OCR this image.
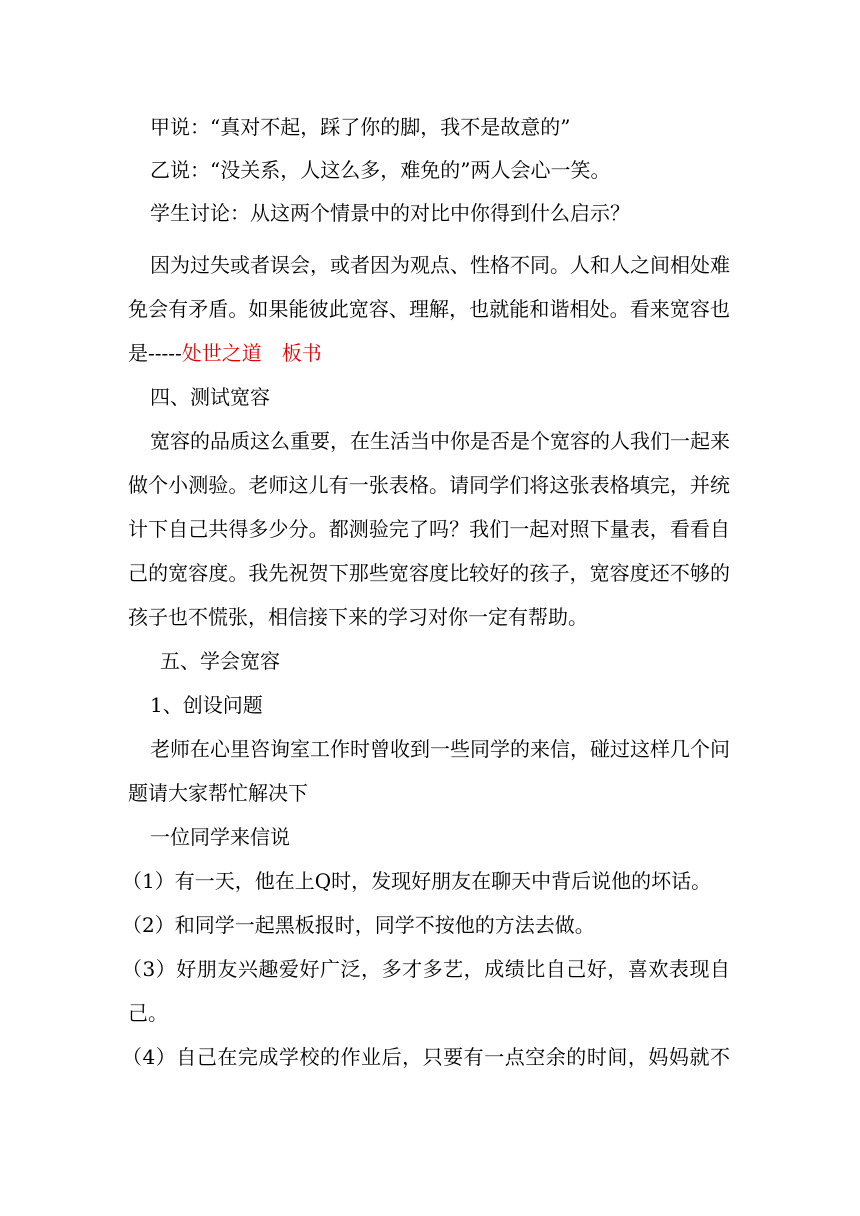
甲说：“真对不起，踩了你的脚，我不是故意的”
乙说：“没关系，人这么多，难免的”两人会心一笑。
学生讨论：从这两个情景中的对比中你得到什么启示？
因为过失或者误会，或者因为观点、性格不同。人和人之间相处难
免会有矛盾。如果能彼此宽容、理解，也就能和谐相处。看来宽容也
是-----处世之道　板书
四、测试宽容
宽容的品质这么重要，在生活当中你是否是个宽容的人我们一起来
做个小测验。老师这儿有一张表格。请同学们将这张表格填完，并统
计下自己共得多少分。都测验完了吗？我们一起对照下量表，看看自
己的宽容度。我先祝贺下那些宽容度比较好的孩子，宽容度还不够的
孩子也不慌张，相信接下来的学习对你一定有帮助。
五、学会宽容
1、创设问题
老师在心里咨询室工作时曾收到一些同学的来信，碰过这样几个问
题请大家帮忙解决下
一位同学来信说
（1）有一天，他在上Q时，发现好朋友在聊天中背后说他的坏话。
（2）和同学一起黑板报时，同学不按他的方法去做。
（3）好朋友兴趣爱好广泛，多才多艺，成绩比自己好，喜欢表现自
己。
（4）自己在完成学校的作业后，只要有一点空余的时间，妈妈就不
